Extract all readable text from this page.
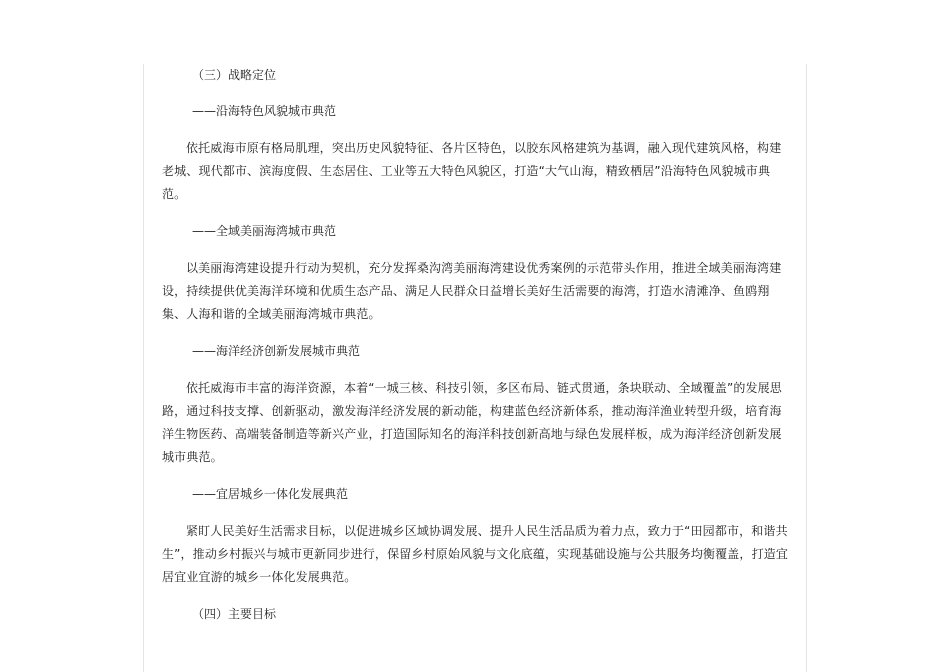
（三）战略定位

——沿海特色风貌城市典范

依托威海市原有格局肌理，突出历史风貌特征、各片区特色，以胶东风格建筑为基调，融入现代建筑风格，构建老城、现代都市、滨海度假、生态居住、工业等五大特色风貌区，打造“大气山海，精致栖居”沿海特色风貌城市典范。

——全域美丽海湾城市典范

以美丽海湾建设提升行动为契机，充分发挥桑沟湾美丽海湾建设优秀案例的示范带头作用，推进全域美丽海湾建设，持续提供优美海洋环境和优质生态产品、满足人民群众日益增长美好生活需要的海湾，打造水清滩净、鱼鸥翔集、人海和谐的全域美丽海湾城市典范。

——海洋经济创新发展城市典范

依托威海市丰富的海洋资源，本着“一城三核、科技引领，多区布局、链式贯通，条块联动、全域覆盖”的发展思路，通过科技支撑、创新驱动，激发海洋经济发展的新动能，构建蓝色经济新体系，推动海洋渔业转型升级，培育海洋生物医药、高端装备制造等新兴产业，打造国际知名的海洋科技创新高地与绿色发展样板，成为海洋经济创新发展城市典范。

——宜居城乡一体化发展典范

紧盯人民美好生活需求目标，以促进城乡区域协调发展、提升人民生活品质为着力点，致力于“田园都市，和谐共生”，推动乡村振兴与城市更新同步进行，保留乡村原始风貌与文化底蕴，实现基础设施与公共服务均衡覆盖，打造宜居宜业宜游的城乡一体化发展典范。

（四）主要目标
